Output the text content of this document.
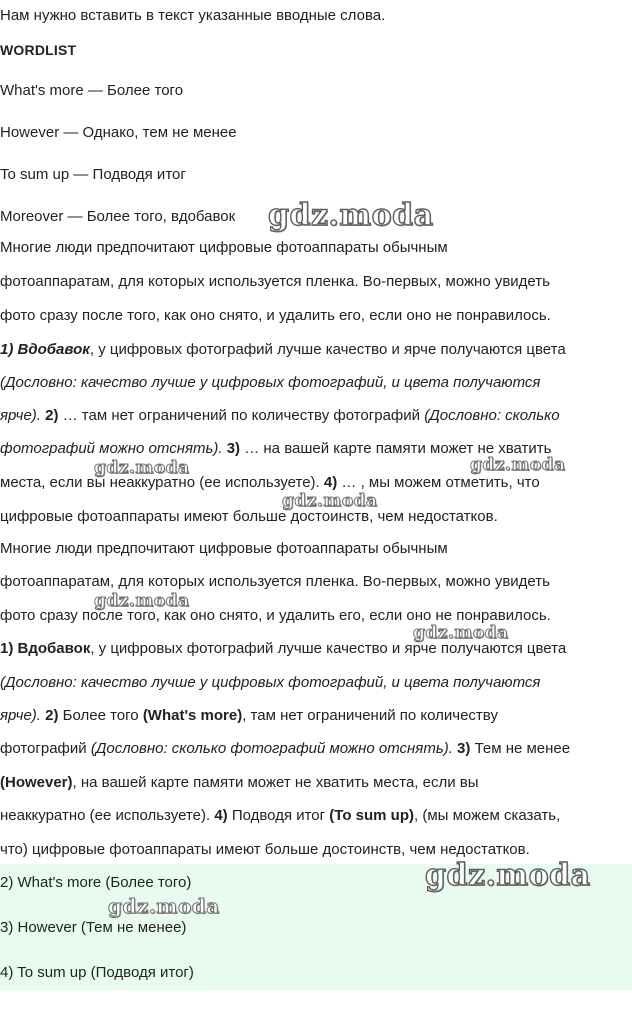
Нам нужно вставить в текст указанные вводные слова.
WORDLIST
What's more — Более того
However — Однако, тем не менее
To sum up — Подводя итог
Moreover — Более того, вдобавок
Многие люди предпочитают цифровые фотоаппараты обычным
фотоаппаратам, для которых используется пленка. Во-первых, можно увидеть
фото сразу после того, как оно снято, и удалить его, если оно не понравилось.
1) Вдобавок, у цифровых фотографий лучше качество и ярче получаются цвета
(Дословно: качество лучше у цифровых фотографий, и цвета получаются
ярче). 2) … там нет ограничений по количеству фотографий (Дословно: сколько
фотографий можно отснять). 3) … на вашей карте памяти может не хватить
места, если вы неаккуратно (ее используете). 4) … , мы можем отметить, что
цифровые фотоаппараты имеют больше достоинств, чем недостатков.
Многие люди предпочитают цифровые фотоаппараты обычным
фотоаппаратам, для которых используется пленка. Во-первых, можно увидеть
фото сразу после того, как оно снято, и удалить его, если оно не понравилось.
1) Вдобавок, у цифровых фотографий лучше качество и ярче получаются цвета
(Дословно: качество лучше у цифровых фотографий, и цвета получаются
ярче). 2) Более того (What's more), там нет ограничений по количеству
фотографий (Дословно: сколько фотографий можно отснять). 3) Тем не менее
(However), на вашей карте памяти может не хватить места, если вы
неаккуратно (ее используете). 4) Подводя итог (To sum up), (мы можем сказать,
что) цифровые фотоаппараты имеют больше достоинств, чем недостатков.
2) What's more (Более того)
3) However (Тем не менее)
4) To sum up (Подводя итог)
gdz.moda
gdz.moda	gdz.moda
gdz.moda
gdz.moda
gdz.moda
gdz.moda
gdz.moda
